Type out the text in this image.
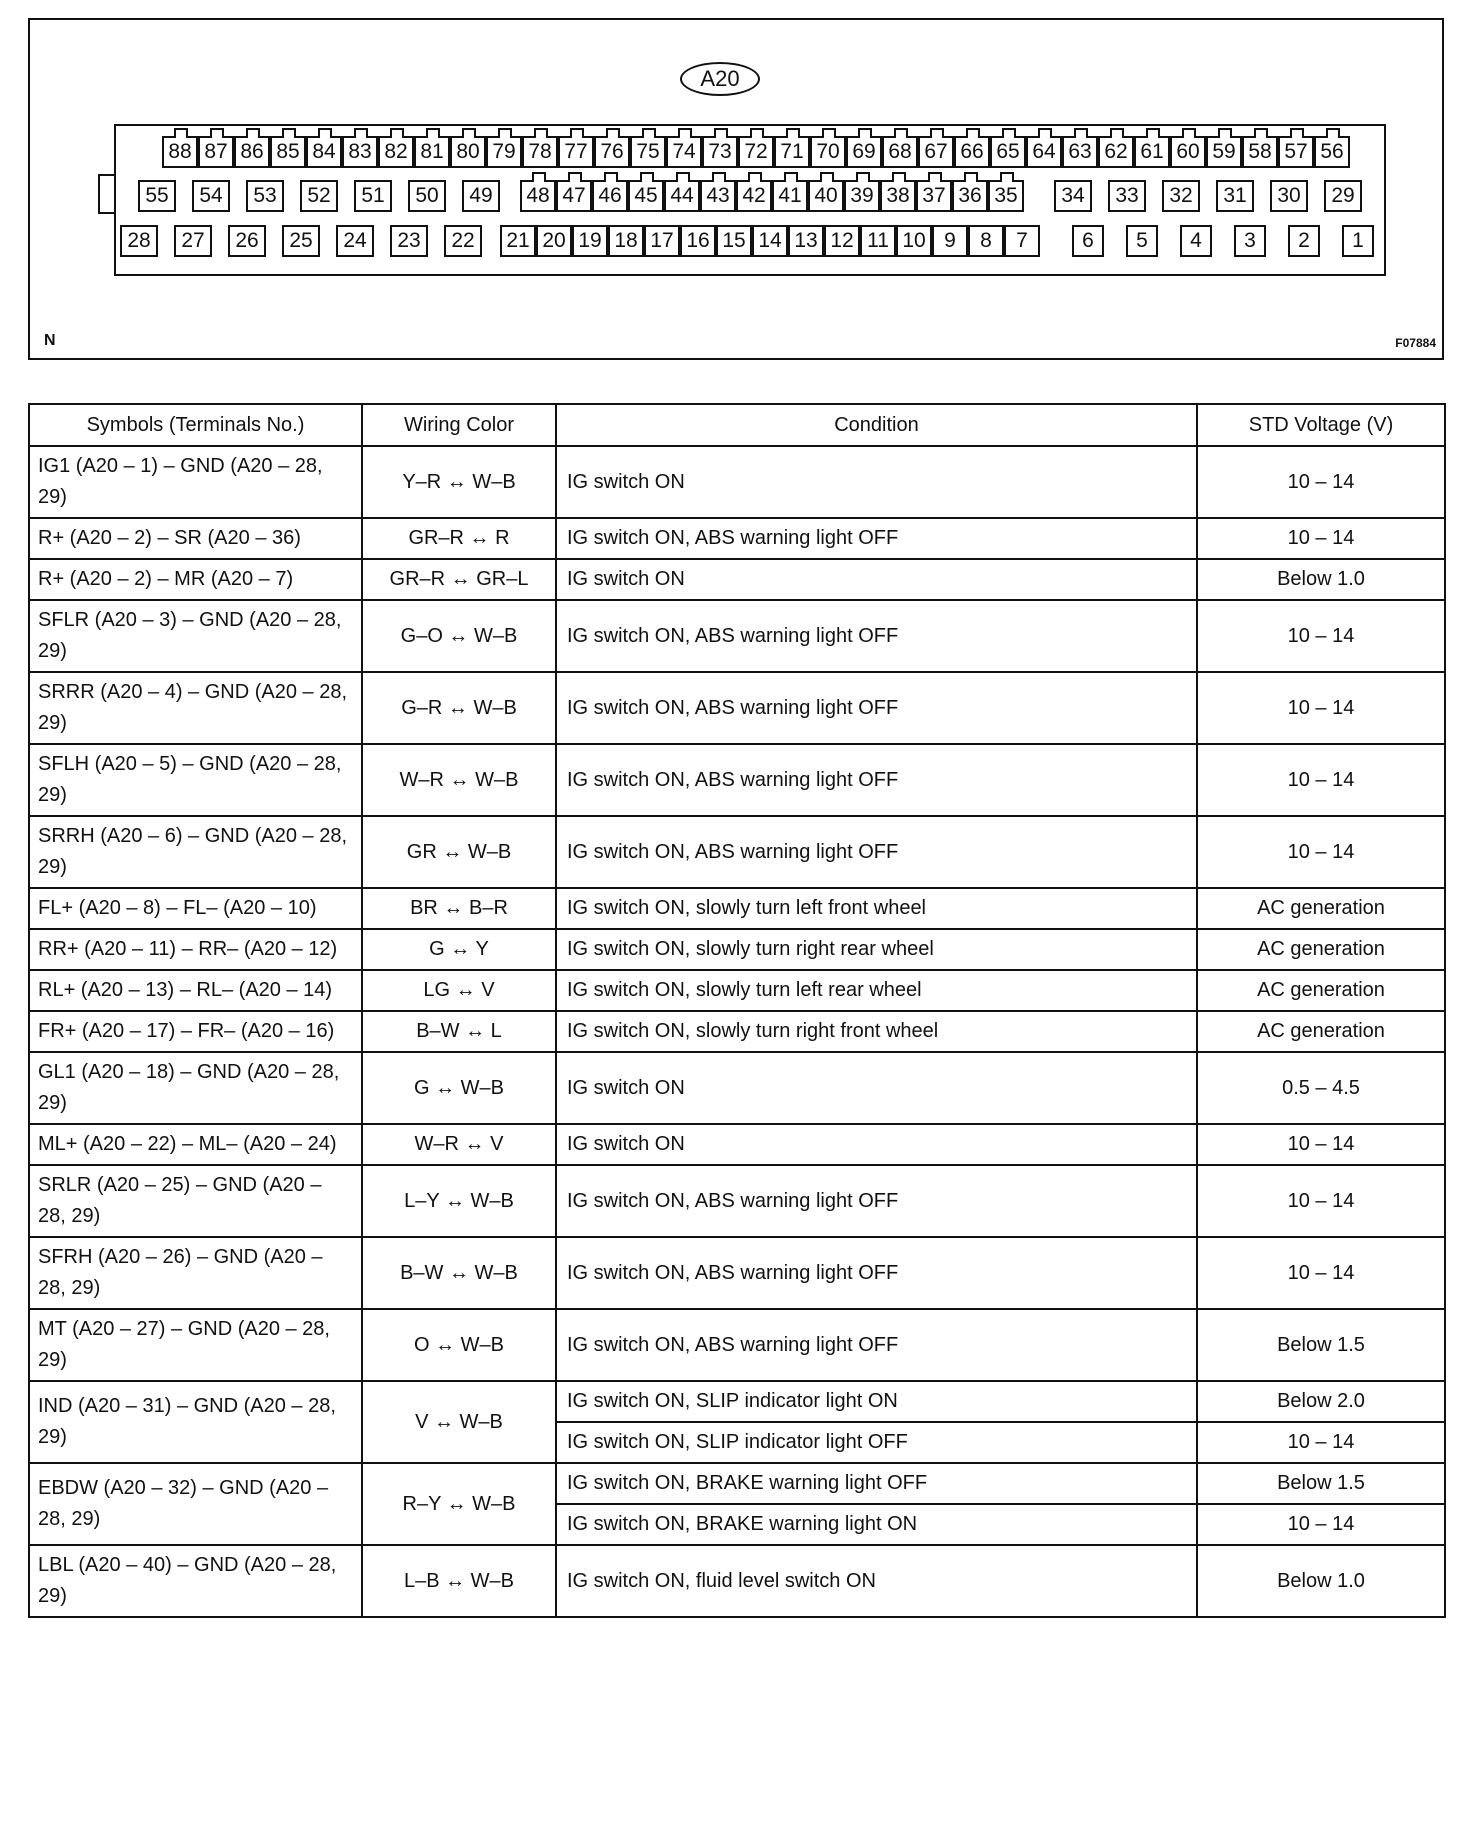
A20
88 87 86 85 84 83 82 81 80 79 78 77 76 75 74 73 72 71 70 69 68 67 66 65 64 63 62 61 60 59 58 57 56
55	54	53	52	51	50	49	48 47 46 45 44 43 42 41 40 39 38 37 36 35	34	33	32	31	30	29
28	27	26	25	24	23	22	21 20 19 18 17 16 15 14 13 12 11 10 9	8	7	6	5	4	3	2	1
N	F07884
Symbols (Terminals No.)	Wiring Color	Condition	STD Voltage (V)
IG1 (A20 – 1) – GND (A20 – 28, 29)	Y–R ↔ W–B	IG switch ON	10 – 14
R+ (A20 – 2) – SR (A20 – 36)	GR–R ↔ R	IG switch ON, ABS warning light OFF	10 – 14
R+ (A20 – 2) – MR (A20 – 7)	GR–R ↔ GR–L	IG switch ON	Below 1.0
SFLR (A20 – 3) – GND (A20 – 28, 29)	G–O ↔ W–B	IG switch ON, ABS warning light OFF	10 – 14
SRRR (A20 – 4) – GND (A20 – 28, 29)	G–R ↔ W–B	IG switch ON, ABS warning light OFF	10 – 14
SFLH (A20 – 5) – GND (A20 – 28, 29)	W–R ↔ W–B	IG switch ON, ABS warning light OFF	10 – 14
SRRH (A20 – 6) – GND (A20 – 28, 29)	GR ↔ W–B	IG switch ON, ABS warning light OFF	10 – 14
FL+ (A20 – 8) – FL– (A20 – 10)	BR ↔ B–R	IG switch ON, slowly turn left front wheel	AC generation
RR+ (A20 – 11) – RR– (A20 – 12)	G ↔ Y	IG switch ON, slowly turn right rear wheel	AC generation
RL+ (A20 – 13) – RL– (A20 – 14)	LG ↔ V	IG switch ON, slowly turn left rear wheel	AC generation
FR+ (A20 – 17) – FR– (A20 – 16)	B–W ↔ L	IG switch ON, slowly turn right front wheel	AC generation
GL1 (A20 – 18) – GND (A20 – 28, 29)	G ↔ W–B	IG switch ON	0.5 – 4.5
ML+ (A20 – 22) – ML– (A20 – 24)	W–R ↔ V	IG switch ON	10 – 14
SRLR (A20 – 25) – GND (A20 – 28, 29)	L–Y ↔ W–B	IG switch ON, ABS warning light OFF	10 – 14
SFRH (A20 – 26) – GND (A20 – 28, 29)	B–W ↔ W–B	IG switch ON, ABS warning light OFF	10 – 14
MT (A20 – 27) – GND (A20 – 28, 29)	O ↔ W–B	IG switch ON, ABS warning light OFF	Below 1.5
IND (A20 – 31) – GND (A20 – 28, 29)	V ↔ W–B	IG switch ON, SLIP indicator light ON	Below 2.0
		IG switch ON, SLIP indicator light OFF	10 – 14
EBDW (A20 – 32) – GND (A20 – 28, 29)	R–Y ↔ W–B	IG switch ON, BRAKE warning light OFF	Below 1.5
		IG switch ON, BRAKE warning light ON	10 – 14
LBL (A20 – 40) – GND (A20 – 28, 29)	L–B ↔ W–B	IG switch ON, fluid level switch ON	Below 1.0
